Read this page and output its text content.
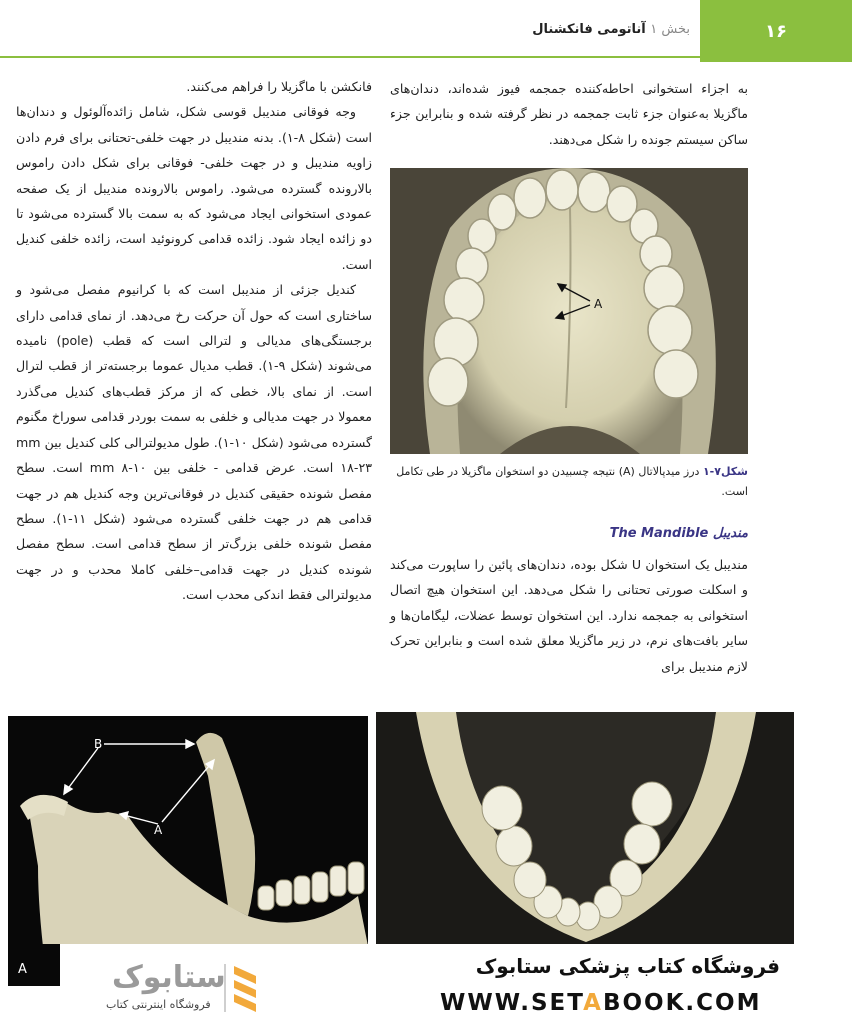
۱۶
بخش ۱ آناتومی فانکشنال

به اجزاء استخوانی احاطه‌کننده جمجمه فیوز شده‌اند، دندان‌های ماگزیلا به‌عنوان جزء ثابت جمجمه در نظر گرفته شده و بنابراین جزء ساکن سیستم جونده را شکل می‌دهند.

A
شکل۷-۱ درز میدپالاتال (A) نتیجه چسبیدن دو استخوان ماگزیلا در طی تکامل است.
مندیبل The Mandible

مندیبل یک استخوان U شکل بوده، دندان‌های پائین را ساپورت می‌کند و اسکلت صورتی تحتانی را شکل می‌دهد. این استخوان هیچ اتصال استخوانی به جمجمه ندارد. این استخوان توسط عضلات، لیگامان‌ها و سایر بافت‌های نرم، در زیر ماگزیلا معلق شده است و بنابراین تحرک لازم مندیبل برای

فانکشن با ماگزیلا را فراهم می‌کنند.

وجه فوقانی مندیبل قوسی شکل، شامل زائده‌آلوئول و دندان‌ها است (شکل ۸-۱). بدنه مندیبل در جهت خلفی-تحتانی برای فرم دادن زاویه مندیبل و در جهت خلفی- فوقانی برای شکل دادن راموس بالارونده گسترده می‌شود. راموس بالارونده مندیبل از یک صفحه عمودی استخوانی ایجاد می‌شود که به سمت بالا گسترده می‌شود تا دو زائده ایجاد شود. زائده قدامی کرونوئید است، زائده خلفی کندیل است.

کندیل جزئی از مندیبل است که با کرانیوم مفصل می‌شود و ساختاری است که حول آن حرکت رخ می‌دهد. از نمای قدامی دارای برجستگی‌های مدیالی و لترالی است که قطب (pole) نامیده می‌شوند (شکل ۹-۱). قطب مدیال عموما برجسته‌تر از قطب لترال است. از نمای بالا، خطی که از مرکز قطب‌های کندیل می‌گذرد معمولا در جهت مدیالی و خلفی به سمت بوردر قدامی سوراخ مگنوم گسترده می‌شود (شکل ۱۰-۱). طول مدیولترالی کلی کندیل بین mm ۱۸-۲۳ است. عرض قدامی - خلفی بین mm ۸-۱۰ است. سطح مفصل شونده حقیقی کندیل در فوقانی‌ترین وجه کندیل هم در جهت قدامی هم در جهت خلفی گسترده می‌شود (شکل ۱۱-۱). سطح مفصل شونده خلفی بزرگ‌تر از سطح قدامی است. سطح مفصل شونده کندیل در جهت قدامی–خلفی کاملا محدب و در جهت مدیولترالی فقط اندکی محدب است.

B
A
A	ستابوک
فروشگاه اینترنتی کتاب
فروشگاه کتاب پزشکی ستابوک
WWW.SETABOOK.COM
